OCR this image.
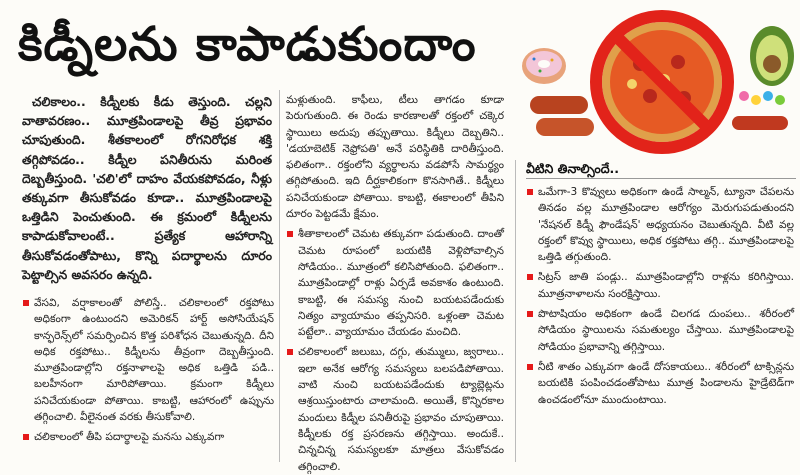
కిడ్నీలను కాపాడుకుందాం
చలికాలం.. కిడ్నీలకు కీడు తెస్తుంది. చల్లని వాతావరణం.. మూత్రపిండాలపై తీవ్ర ప్రభావం చూపుతుంది. శీతకాలంలో రోగనిరోధక శక్తి తగ్గిపోవడం.. కిడ్నీల పనితీరును మరింత దెబ్బతీస్తుంది. 'చలి'లో దాహం వేయకపోవడం, నీళ్లు తక్కువగా తీసుకోవడం కూడా.. మూత్రపిండాలపై ఒత్తిడిని పెంచుతుంది. ఈ క్రమంలో కిడ్నీలను కాపాడుకోవాలంటే.. ప్రత్యేక ఆహారాన్ని తీసుకోవడంతోపాటు, కొన్ని పదార్థాలను దూరం పెట్టాల్సిన అవసరం ఉన్నది.

వేసవి, వర్షాకాలంతో పోలిస్తే.. చలికాలంలో రక్తపోటు అధికంగా ఉంటుందని అమెరికన్ హార్ట్ అసోసియేషన్ కాన్ఫరెన్స్‌లో సమర్పించిన కొత్త పరిశోధన చెబుతున్నది. దీని అధిక రక్తపోటు.. కిడ్నీలను తీవ్రంగా దెబ్బతీస్తుంది. మూత్రపిండాల్లోని రక్తనాళాలపై అధిక ఒత్తిడి పడి.. బలహీనంగా మారిపోతాయి. క్రమంగా కిడ్నీలు పనిచేయకుండా పోతాయి. కాబట్టి, ఆహారంలో ఉప్పును తగ్గించాలి. వీలైనంత వరకు తీసుకోవాలి.

చలికాలంలో తీపి పదార్థాలపై మనసు ఎక్కువగా

మళ్లుతుంది. కాఫీలు, టీలు తాగడం కూడా పెరుగుతుంది. ఈ రెండు కారణాలతో రక్తంలో చక్కెర స్థాయిలు అదుపు తప్పుతాయి. కిడ్నీలు దెబ్బతిని.. 'డయాబెటిక్ నెఫ్రోపతి' అనే పరిస్థితికి దారితీస్తుంది. ఫలితంగా.. రక్తంలోని వ్యర్థాలను వడపోసే సామర్థ్యం తగ్గిపోతుంది. ఇది దీర్ఘకాలికంగా కొనసాగితే.. కిడ్నీలు పనిచేయకుండా పోతాయి. కాబట్టి, ఈకాలంలో తీపిని దూరం పెట్టడమే క్షేమం.

శీతాకాలంలో చెమట తక్కువగా పడుతుంది. దాంతో చెమట రూపంలో బయటికి వెళ్లిపోవాల్సిన సోడియం.. మూత్రంలో కలిసిపోతుంది. ఫలితంగా.. మూత్రపిండాల్లో రాళ్లు ఏర్పడే అవకాశం ఉంటుంది. కాబట్టి, ఈ సమస్య నుంచి బయటపడేందుకు నిత్యం వ్యాయామం తప్పనిసరి. ఒళ్లంతా చెమట పట్టేలా.. వ్యాయామం చేయడం మంచిది.

చలికాలంలో జలుబు, దగ్గు, తుమ్ములు, జ్వరాలు.. ఇలా అనేక ఆరోగ్య సమస్యలు బలపడిపోతాయి. వాటి నుంచి బయటపడేందుకు ట్యాబ్లెట్లను ఆశ్రయిస్తుంటారు చాలామంది. అయితే, కొన్నిరకాల మందులు కిడ్నీల పనితీరుపై ప్రభావం చూపుతాయి. కిడ్నీలకు రక్త ప్రసరణను తగ్గిస్తాయి. అందుకే.. చిన్నచిన్న సమస్యలకూ మాత్రలు వేసుకోవడం తగ్గించాలి.

వీటిని తినాల్సిందే..

ఒమేగా-3 కొవ్వులు అధికంగా ఉండే సాల్మన్, ట్యూనా చేపలను తినడం వల్ల మూత్రపిండాల ఆరోగ్యం మెరుగుపడుతుందని 'నేషనల్ కిడ్నీ ఫౌండేషన్' అధ్యయనం చెబుతున్నది. వీటి వల్ల రక్తంలో కొవ్వు స్థాయిలు, అధిక రక్తపోటు తగ్గి.. మూత్రపిండాలపై ఒత్తిడి తగ్గుతుంది.

సిట్రస్ జాతి పండ్లు.. మూత్రపిండాల్లోని రాళ్లను కరిగిస్తాయి. మూత్రనాళాలను సంరక్షిస్తాయి.

పొటాషియం అధికంగా ఉండే చిలగడ దుంపలు.. శరీరంలో సోడియం స్థాయిలను సమతుల్యం చేస్తాయి. మూత్రపిండాలపై సోడియం ప్రభావాన్ని తగ్గిస్తాయి.

నీటి శాతం ఎక్కువగా ఉండే దోసకాయలు.. శరీరంలో టాక్సిన్లను బయటికి పంపించడంతోపాటు మూత్ర పిండాలను హైడ్రేటెడ్‌గా ఉంచడంలోనూ ముందుంటాయి.
